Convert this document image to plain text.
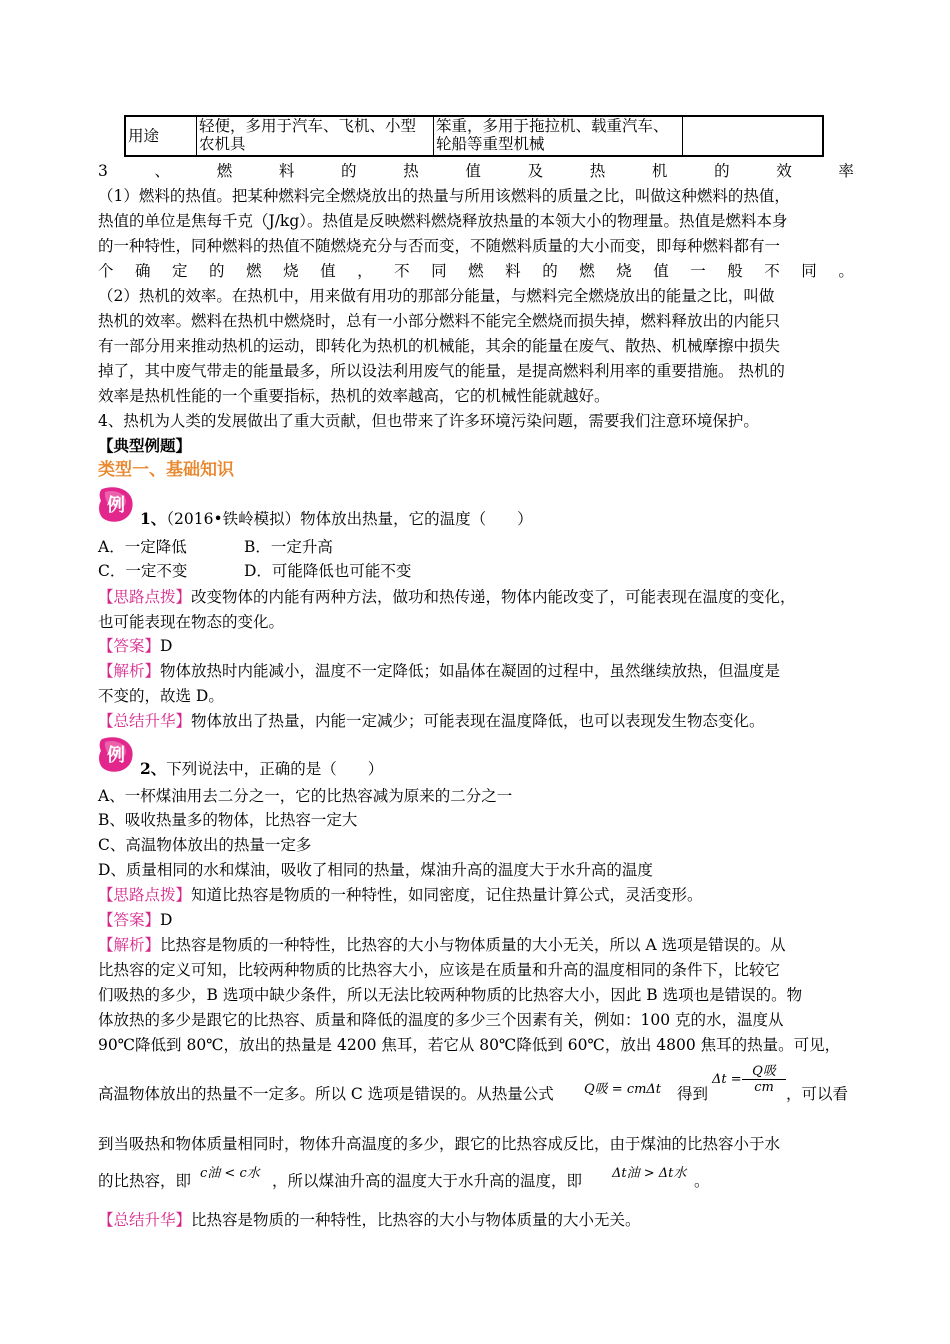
用途	轻便，多用于汽车、飞机、小型农机具	笨重，多用于拖拉机、载重汽车、轮船等重型机械	
3	、	燃	料	的	热	值	及	热	机	的	效	率
（1）燃料的热值。把某种燃料完全燃烧放出的热量与所用该燃料的质量之比，叫做这种燃料的热值，
热值的单位是焦每千克（J/kg）。热值是反映燃料燃烧释放热量的本领大小的物理量。热值是燃料本身
的一种特性，同种燃料的热值不随燃烧充分与否而变，不随燃料质量的大小而变，即每种燃料都有一
个 确 定 的 燃 烧 值 ， 不 同 燃 料 的 燃 烧 值 一 般 不 同 。
（2）热机的效率。在热机中，用来做有用功的那部分能量，与燃料完全燃烧放出的能量之比，叫做
热机的效率。燃料在热机中燃烧时，总有一小部分燃料不能完全燃烧而损失掉，燃料释放出的内能只
有一部分用来推动热机的运动，即转化为热机的机械能，其余的能量在废气、散热、机械摩擦中损失
掉了，其中废气带走的能量最多，所以设法利用废气的能量，是提高燃料利用率的重要措施。 热机的
效率是热机性能的一个重要指标，热机的效率越高，它的机械性能就越好。
4、热机为人类的发展做出了重大贡献，但也带来了许多环境污染问题，需要我们注意环境保护。
【典型例题】
类型一、基础知识
例
1、（2016•铁岭模拟）物体放出热量，它的温度（　　）
A．一定降低	B．一定升高
C．一定不变	D．可能降低也可能不变
【思路点拨】改变物体的内能有两种方法，做功和热传递，物体内能改变了，可能表现在温度的变化，
也可能表现在物态的变化。
【答案】D
【解析】物体放热时内能减小，温度不一定降低；如晶体在凝固的过程中，虽然继续放热，但温度是
不变的，故选 D。
【总结升华】物体放出了热量，内能一定减少；可能表现在温度降低，也可以表现发生物态变化。
例
2、下列说法中，正确的是（　　）
A、一杯煤油用去二分之一，它的比热容减为原来的二分之一
B、吸收热量多的物体，比热容一定大
C、高温物体放出的热量一定多
D、质量相同的水和煤油，吸收了相同的热量，煤油升高的温度大于水升高的温度
【思路点拨】知道比热容是物质的一种特性，如同密度，记住热量计算公式，灵活变形。
【答案】D
【解析】比热容是物质的一种特性，比热容的大小与物体质量的大小无关，所以 A 选项是错误的。从
比热容的定义可知，比较两种物质的比热容大小，应该是在质量和升高的温度相同的条件下，比较它
们吸热的多少，B 选项中缺少条件，所以无法比较两种物质的比热容大小，因此 B 选项也是错误的。物
体放热的多少是跟它的比热容、质量和降低的温度的多少三个因素有关，例如：100 克的水，温度从
90℃降低到 80℃，放出的热量是 4200 焦耳，若它从 80℃降低到 60℃，放出 4800 焦耳的热量。可见，
高温物体放出的热量不一定多。所以 C 选项是错误的。从热量公式	Q吸 = cmΔt 得到
Δt =
Q吸
cm ，可以看
到当吸热和物体质量相同时，物体升高温度的多少，跟它的比热容成反比，由于煤油的比热容小于水
的比热容，即 c油 < c水 ，所以煤油升高的温度大于水升高的温度，即	Δt油 > Δt水 。
【总结升华】比热容是物质的一种特性，比热容的大小与物体质量的大小无关。
